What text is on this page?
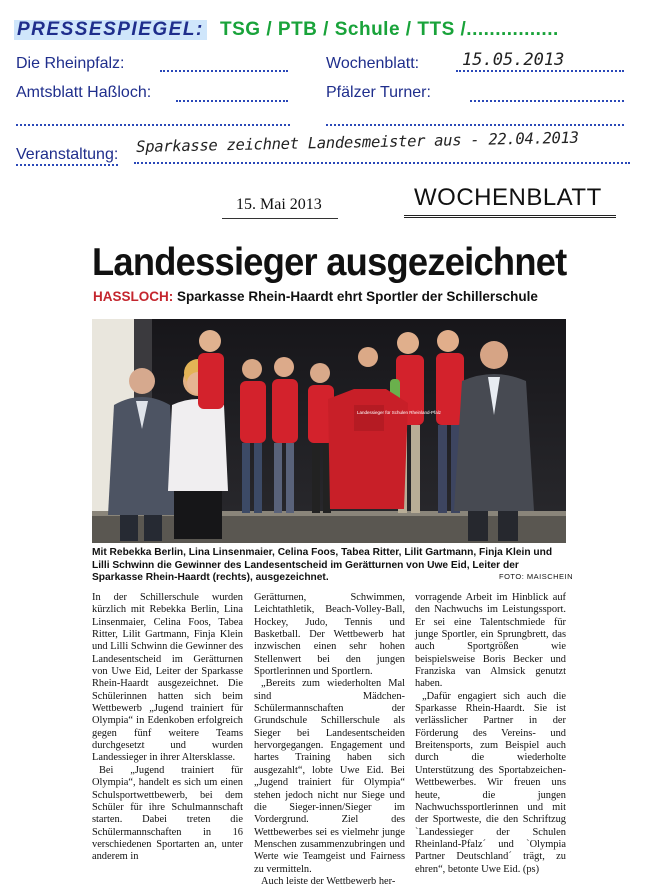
PRESSESPIEGEL: TSG / PTB / Schule / TTS /................
Die Rheinpfalz:	Wochenblatt:	15.05.2013
Amtsblatt Haßloch:	Pfälzer Turner:
Veranstaltung: Sparkasse zeichnet Landesmeister aus - 22.04.2013
15. Mai 2013	WOCHENBLATT
Landessieger ausgezeichnet
HASSLOCH: Sparkasse Rhein-Haardt ehrt Sportler der Schillerschule
Landessieger für Schulen Rheinland-Pfalz
Mit Rebekka Berlin, Lina Linsenmaier, Celina Foos, Tabea Ritter, Lilit Gartmann, Finja Klein und Lilli Schwinn die Gewinner des Landesentscheid im Gerätturnen von Uwe Eid, Leiter der Sparkasse Rhein-Haardt (rechts), ausgezeichnet.	FOTO: MAISCHEIN

In der Schillerschule wurden kürzlich mit Rebekka Berlin, Lina Linsenmaier, Celina Foos, Tabea Ritter, Lilit Gartmann, Finja Klein und Lilli Schwinn die Gewinner des Landesentscheid im Gerätturnen von Uwe Eid, Leiter der Sparkasse Rhein-Haardt ausgezeichnet. Die Schülerinnen hatten sich beim Wettbewerb „Jugend trainiert für Olympia“ in Edenkoben erfolgreich gegen fünf weitere Teams durchgesetzt und wurden Landessieger in ihrer Altersklasse.

Bei „Jugend trainiert für Olympia“, handelt es sich um einen Schulsportwettbewerb, bei dem Schüler für ihre Schulmannschaft starten. Dabei treten die Schülermannschaften in 16 verschiedenen Sportarten an, unter anderem in

Gerätturnen, Schwimmen, Leichtathletik, Beach-Volley-Ball, Hockey, Judo, Tennis und Basketball. Der Wettbewerb hat inzwischen einen sehr hohen Stellenwert bei den jungen Sportlerinnen und Sportlern.

„Bereits zum wiederholten Mal sind Mädchen-Schülermannschaften der Grundschule Schillerschule als Sieger bei Landesentscheiden hervorgegangen. Engagement und hartes Training haben sich ausgezahlt“, lobte Uwe Eid. Bei „Jugend trainiert für Olympia“ stehen jedoch nicht nur Siege und die Sieger-innen/Sieger im Vordergrund. Ziel des Wettbewerbes sei es vielmehr junge Menschen zusammenzubringen und Werte wie Teamgeist und Fairness zu vermitteln.

Auch leiste der Wettbewerb her-

vorragende Arbeit im Hinblick auf den Nachwuchs im Leistungssport. Er sei eine Talentschmiede für junge Sportler, ein Sprungbrett, das auch Sportgrößen wie beispielsweise Boris Becker und Franziska van Almsick genutzt haben.

„Dafür engagiert sich auch die Sparkasse Rhein-Haardt. Sie ist verlässlicher Partner in der Förderung des Vereins- und Breitensports, zum Beispiel auch durch die wiederholte Unterstützung des Sportabzeichen-Wettbewerbes. Wir freuen uns heute, die jungen Nachwuchssportlerinnen und mit der Sportweste, die den Schriftzug `Landessieger der Schulen Rheinland-Pfalz´ und `Olympia Partner Deutschland´ trägt, zu ehren“, betonte Uwe Eid. (ps)
